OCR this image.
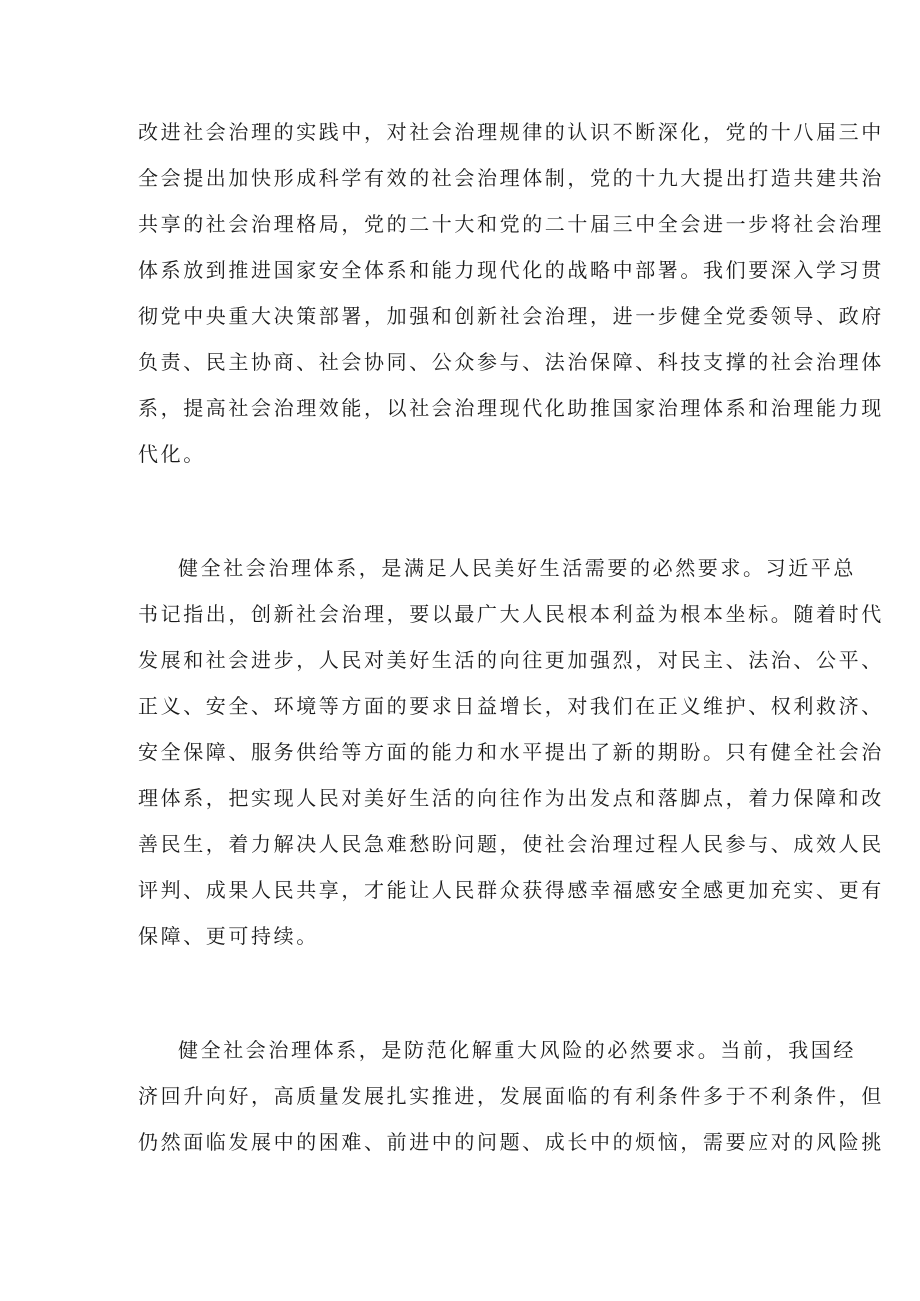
改进社会治理的实践中，对社会治理规律的认识不断深化，党的十八届三中
全会提出加快形成科学有效的社会治理体制，党的十九大提出打造共建共治
共享的社会治理格局，党的二十大和党的二十届三中全会进一步将社会治理
体系放到推进国家安全体系和能力现代化的战略中部署。我们要深入学习贯
彻党中央重大决策部署，加强和创新社会治理，进一步健全党委领导、政府
负责、民主协商、社会协同、公众参与、法治保障、科技支撑的社会治理体
系，提高社会治理效能，以社会治理现代化助推国家治理体系和治理能力现
代化。
健全社会治理体系，是满足人民美好生活需要的必然要求。习近平总
书记指出，创新社会治理，要以最广大人民根本利益为根本坐标。随着时代
发展和社会进步，人民对美好生活的向往更加强烈，对民主、法治、公平、
正义、安全、环境等方面的要求日益增长，对我们在正义维护、权利救济、
安全保障、服务供给等方面的能力和水平提出了新的期盼。只有健全社会治
理体系，把实现人民对美好生活的向往作为出发点和落脚点，着力保障和改
善民生，着力解决人民急难愁盼问题，使社会治理过程人民参与、成效人民
评判、成果人民共享，才能让人民群众获得感幸福感安全感更加充实、更有
保障、更可持续。
健全社会治理体系，是防范化解重大风险的必然要求。当前，我国经
济回升向好，高质量发展扎实推进，发展面临的有利条件多于不利条件，但
仍然面临发展中的困难、前进中的问题、成长中的烦恼，需要应对的风险挑
